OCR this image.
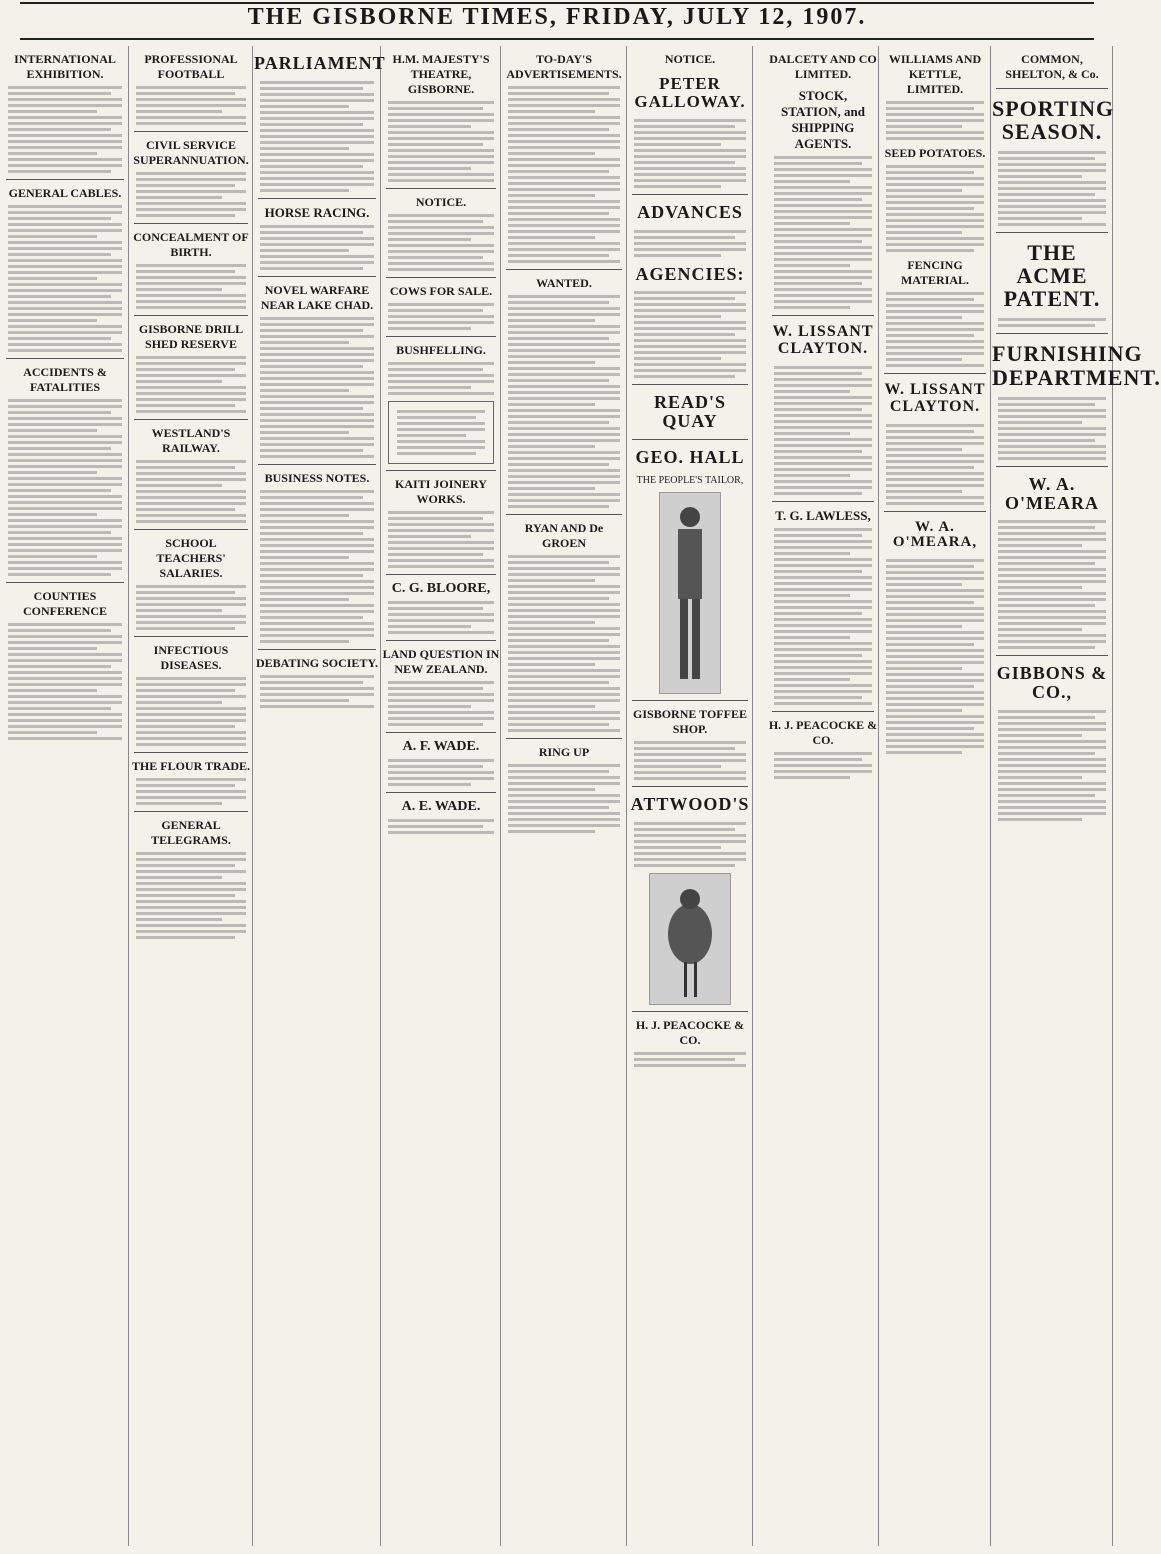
THE GISBORNE TIMES, FRIDAY, JULY 12, 1907.
INTERNATIONAL EXHIBITION.
GENERAL CABLES.
ACCIDENTS & FATALITIES
COUNTIES CONFERENCE
PROFESSIONAL FOOTBALL
CIVIL SERVICE SUPERANNUATION.
CONCEALMENT OF BIRTH.
GISBORNE DRILL SHED RESERVE
WESTLAND'S RAILWAY.
SCHOOL TEACHERS' SALARIES.
INFECTIOUS DISEASES.
THE FLOUR TRADE.
GENERAL TELEGRAMS.
PARLIAMENT
HORSE RACING.
NOVEL WARFARE NEAR LAKE CHAD.
BUSINESS NOTES.
DEBATING SOCIETY.
H.M. MAJESTY'S THEATRE, GISBORNE.
NOTICE.
COWS FOR SALE.
BUSHFELLING.
KAITI JOINERY WORKS.
C. G. BLOORE,
LAND QUESTION IN NEW ZEALAND.
A. F. WADE.
A. E. WADE.
TO-DAY'S ADVERTISEMENTS.
WANTED.
RYAN AND De GROEN
RING UP
NOTICE.
PETER GALLOWAY.
ADVANCES
AGENCIES:
READ'S QUAY
GEO. HALL
THE PEOPLE'S TAILOR,
GISBORNE TOFFEE SHOP.
ATTWOOD'S
H. J. PEACOCKE & CO.
DALCETY AND CO LIMITED.
STOCK, STATION, and SHIPPING AGENTS.
W. LISSANT CLAYTON.
T. G. LAWLESS,
H. J. PEACOCKE & CO.
WILLIAMS AND KETTLE, LIMITED.
SEED POTATOES.
FENCING MATERIAL.
W. LISSANT CLAYTON.
W. A. O'MEARA,
COMMON, SHELTON, & Co.
SPORTING SEASON.
THE ACME PATENT.
FURNISHING DEPARTMENT.
W. A. O'MEARA
GIBBONS & CO.,
